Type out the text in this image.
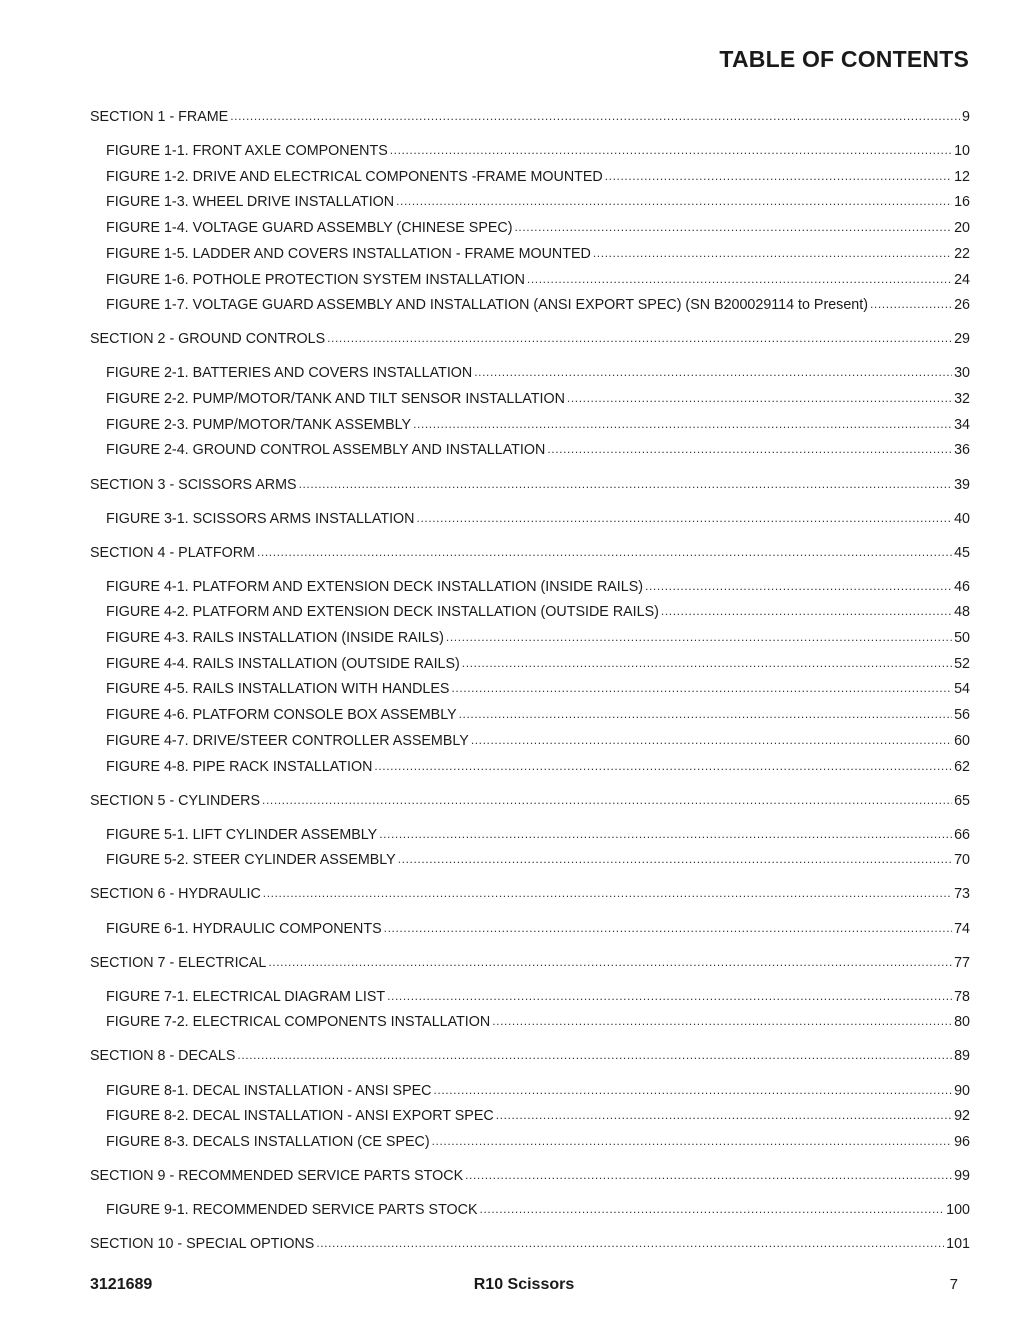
TABLE OF CONTENTS
SECTION 1 - FRAME .....	9
FIGURE 1-1. FRONT AXLE COMPONENTS .....	10
FIGURE 1-2. DRIVE AND ELECTRICAL COMPONENTS -FRAME MOUNTED .....	12
FIGURE 1-3. WHEEL DRIVE INSTALLATION .....	16
FIGURE 1-4. VOLTAGE GUARD ASSEMBLY (CHINESE SPEC) .....	20
FIGURE 1-5. LADDER AND COVERS INSTALLATION - FRAME MOUNTED .....	22
FIGURE 1-6. POTHOLE PROTECTION SYSTEM INSTALLATION .....	24
FIGURE 1-7. VOLTAGE GUARD ASSEMBLY AND INSTALLATION (ANSI EXPORT SPEC) (SN B200029114 to Present) .....	26
SECTION 2 - GROUND CONTROLS .....	29
FIGURE 2-1. BATTERIES AND COVERS INSTALLATION .....	30
FIGURE 2-2. PUMP/MOTOR/TANK AND TILT SENSOR INSTALLATION .....	32
FIGURE 2-3. PUMP/MOTOR/TANK ASSEMBLY .....	34
FIGURE 2-4. GROUND CONTROL ASSEMBLY AND INSTALLATION .....	36
SECTION 3 - SCISSORS ARMS .....	39
FIGURE 3-1. SCISSORS ARMS INSTALLATION .....	40
SECTION 4 - PLATFORM .....	45
FIGURE 4-1. PLATFORM AND EXTENSION DECK INSTALLATION (INSIDE RAILS) .....	46
FIGURE 4-2. PLATFORM AND EXTENSION DECK INSTALLATION (OUTSIDE RAILS) .....	48
FIGURE 4-3. RAILS INSTALLATION (INSIDE RAILS) .....	50
FIGURE 4-4. RAILS INSTALLATION (OUTSIDE RAILS) .....	52
FIGURE 4-5. RAILS INSTALLATION WITH HANDLES .....	54
FIGURE 4-6. PLATFORM CONSOLE BOX ASSEMBLY .....	56
FIGURE 4-7. DRIVE/STEER CONTROLLER ASSEMBLY .....	60
FIGURE 4-8. PIPE RACK INSTALLATION .....	62
SECTION 5 - CYLINDERS .....	65
FIGURE 5-1. LIFT CYLINDER ASSEMBLY .....	66
FIGURE 5-2. STEER CYLINDER ASSEMBLY .....	70
SECTION 6 - HYDRAULIC .....	73
FIGURE 6-1. HYDRAULIC COMPONENTS .....	74
SECTION 7 - ELECTRICAL .....	77
FIGURE 7-1. ELECTRICAL DIAGRAM LIST .....	78
FIGURE 7-2. ELECTRICAL COMPONENTS INSTALLATION .....	80
SECTION 8 - DECALS .....	89
FIGURE 8-1. DECAL INSTALLATION - ANSI SPEC .....	90
FIGURE 8-2. DECAL INSTALLATION - ANSI EXPORT SPEC .....	92
FIGURE 8-3. DECALS INSTALLATION (CE SPEC) .....	96
SECTION 9 - RECOMMENDED SERVICE PARTS STOCK .....	99
FIGURE 9-1. RECOMMENDED SERVICE PARTS STOCK .....	100
SECTION 10 - SPECIAL OPTIONS .....	101
3121689	R10 Scissors	7
